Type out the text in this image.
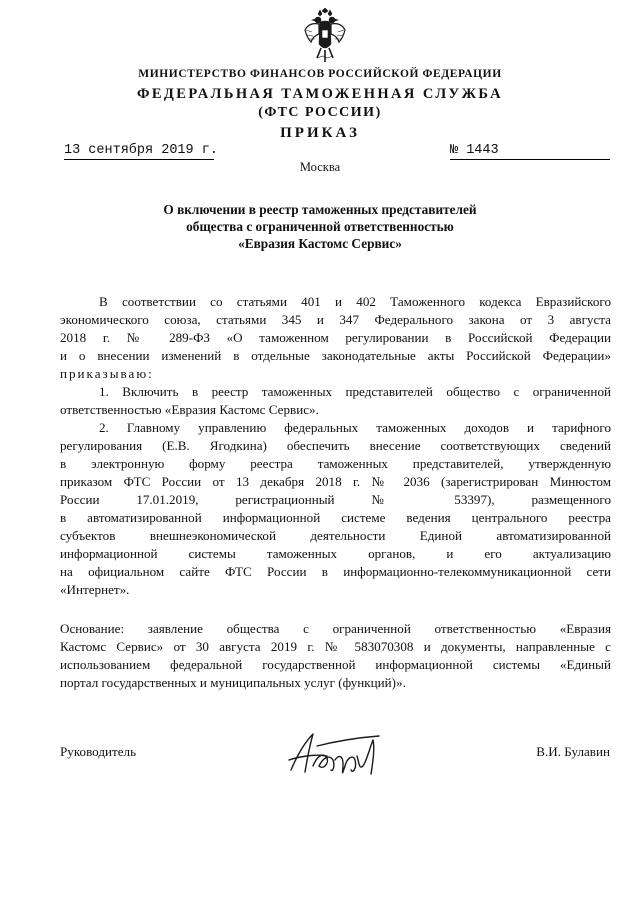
МИНИСТЕРСТВО ФИНАНСОВ РОССИЙСКОЙ ФЕДЕРАЦИИ
ФЕДЕРАЛЬНАЯ ТАМОЖЕННАЯ СЛУЖБА
(ФТС РОССИИ)
ПРИКАЗ
13 сентября 2019 г.	№ 1443
Москва
О включении в реестр таможенных представителей
общества с ограниченной ответственностью
«Евразия Кастомс Сервис»
В соответствии со статьями 401 и 402 Таможенного кодекса Евразийского
экономического союза, статьями 345 и 347 Федерального закона от 3 августа
2018 г. № 289-ФЗ «О таможенном регулировании в Российской Федерации
и о внесении изменений в отдельные законодательные акты Российской Федерации»
приказываю:
1. Включить в реестр таможенных представителей общество с ограниченной
ответственностью «Евразия Кастомс Сервис».
2. Главному управлению федеральных таможенных доходов и тарифного
регулирования (Е.В. Ягодкина) обеспечить внесение соответствующих сведений
в электронную форму реестра таможенных представителей, утвержденную
приказом ФТС России от 13 декабря 2018 г. № 2036 (зарегистрирован Минюстом
России 17.01.2019, регистрационный № 53397), размещенного
в автоматизированной информационной системе ведения центрального реестра
субъектов внешнеэкономической деятельности Единой автоматизированной
информационной системы таможенных органов, и его актуализацию
на официальном сайте ФТС России в информационно-телекоммуникационной сети
«Интернет».
Основание: заявление общества с ограниченной ответственностью «Евразия
Кастомс Сервис» от 30 августа 2019 г. № 583070308 и документы, направленные с
использованием федеральной государственной информационной системы «Единый
портал государственных и муниципальных услуг (функций)».
Руководитель	В.И. Булавин
